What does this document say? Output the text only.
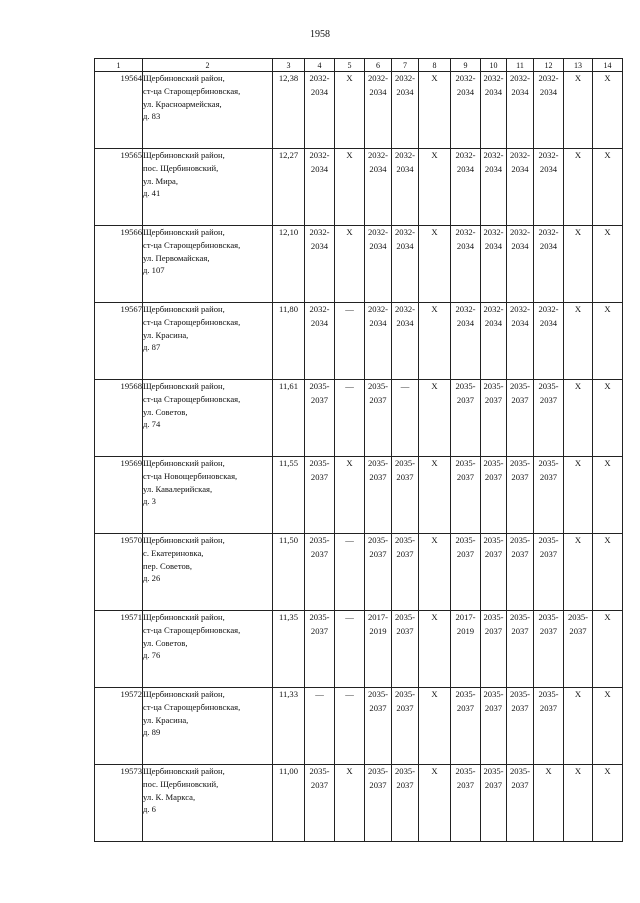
1958
1	2	3	4	5	6	7	8	9	10	11	12	13	14
19564	Щербиновский район,
ст-ца Старощербиновская,
ул. Красноармейская,
д. 83	12,38	2032-
2034	Х	2032-
2034	2032-
2034	Х	2032-
2034	2032-
2034	2032-
2034	2032-
2034	Х	Х
19565	Щербиновский район,
пос. Щербиновский,
ул. Мира,
д. 41	12,27	2032-
2034	Х	2032-
2034	2032-
2034	Х	2032-
2034	2032-
2034	2032-
2034	2032-
2034	Х	Х
19566	Щербиновский район,
ст-ца Старощербиновская,
ул. Первомайская,
д. 107	12,10	2032-
2034	Х	2032-
2034	2032-
2034	Х	2032-
2034	2032-
2034	2032-
2034	2032-
2034	Х	Х
19567	Щербиновский район,
ст-ца Старощербиновская,
ул. Красина,
д. 87	11,80	2032-
2034	—	2032-
2034	2032-
2034	Х	2032-
2034	2032-
2034	2032-
2034	2032-
2034	Х	Х
19568	Щербиновский район,
ст-ца Старощербиновская,
ул. Советов,
д. 74	11,61	2035-
2037	—	2035-
2037	—	Х	2035-
2037	2035-
2037	2035-
2037	2035-
2037	Х	Х
19569	Щербиновский район,
ст-ца Новощербиновская,
ул. Кавалерийская,
д. 3	11,55	2035-
2037	Х	2035-
2037	2035-
2037	Х	2035-
2037	2035-
2037	2035-
2037	2035-
2037	Х	Х
19570	Щербиновский район,
с. Екатериновка,
пер. Советов,
д. 26	11,50	2035-
2037	—	2035-
2037	2035-
2037	Х	2035-
2037	2035-
2037	2035-
2037	2035-
2037	Х	Х
19571	Щербиновский район,
ст-ца Старощербиновская,
ул. Советов,
д. 76	11,35	2035-
2037	—	2017-
2019	2035-
2037	Х	2017-
2019	2035-
2037	2035-
2037	2035-
2037	2035-
2037	Х
19572	Щербиновский район,
ст-ца Старощербиновская,
ул. Красина,
д. 89	11,33	—	—	2035-
2037	2035-
2037	Х	2035-
2037	2035-
2037	2035-
2037	2035-
2037	Х	Х
19573	Щербиновский район,
пос. Щербиновский,
ул. К. Маркса,
д. 6	11,00	2035-
2037	Х	2035-
2037	2035-
2037	Х	2035-
2037	2035-
2037	2035-
2037	Х	Х	Х
